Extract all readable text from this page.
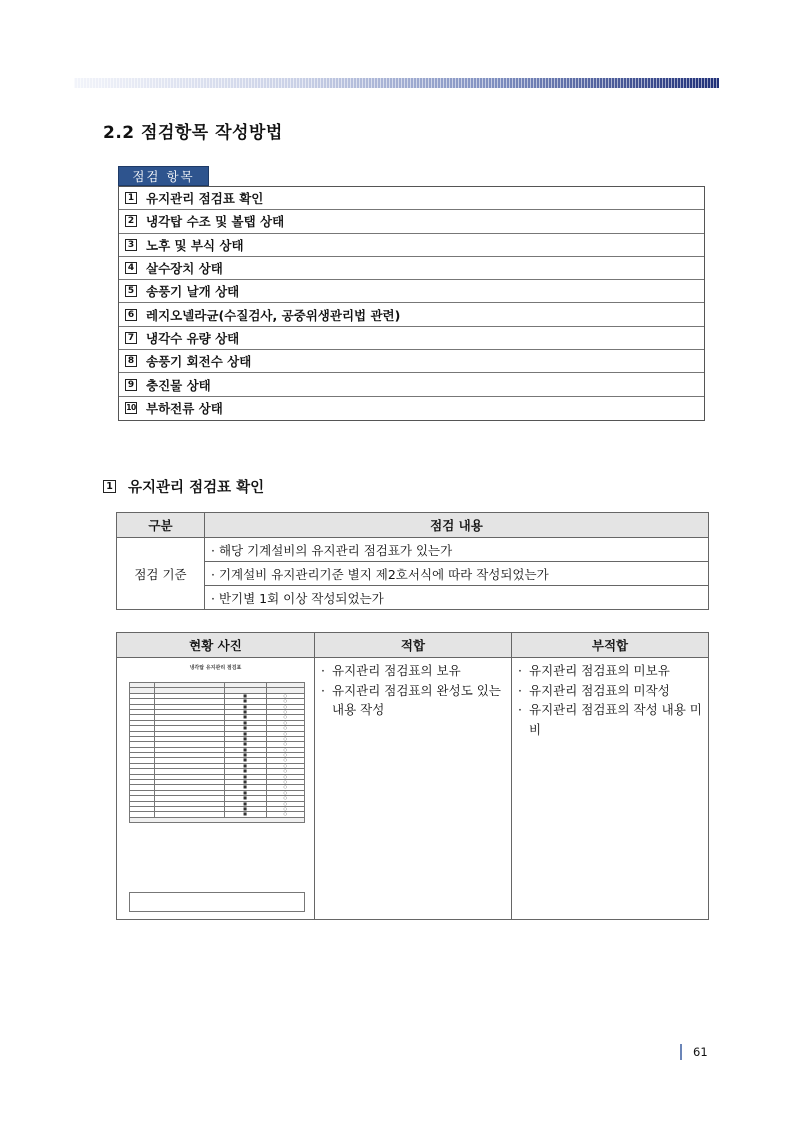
2.2 점검항목 작성방법
점검 항목
1 유지관리 점검표 확인
2 냉각탑 수조 및 볼탭 상태
3 노후 및 부식 상태
4 살수장치 상태
5 송풍기 날개 상태
6 레지오넬라균(수질검사, 공중위생관리법 관련)
7 냉각수 유량 상태
8 송풍기 회전수 상태
9 충진물 상태
10 부하전류 상태
1 유지관리 점검표 확인
구분	점검 내용
점검 기준	· 해당 기계설비의 유지관리 점검표가 있는가
	· 기계설비 유지관리기준 별지 제2호서식에 따라 작성되었는가
	· 반기별 1회 이상 작성되었는가
현황 사진	적합	부적합

냉각탑 유지관리 점검표

		■	○
		■	○
		■	○
		■	○
		■	○
		■	○
		■	○
		■	○
		■	○
		■	○
		■	○
		■	○
		■	○
		■	○
		■	○
		■	○
		■	○
		■	○
		■	○
		■	○
		■	○
		■	○
		■	○

· 유지관리 점검표의 보유
· 유지관리 점검표의 완성도 있는 내용 작성

· 유지관리 점검표의 미보유
· 유지관리 점검표의 미작성
· 유지관리 점검표의 작성 내용 미비
61
